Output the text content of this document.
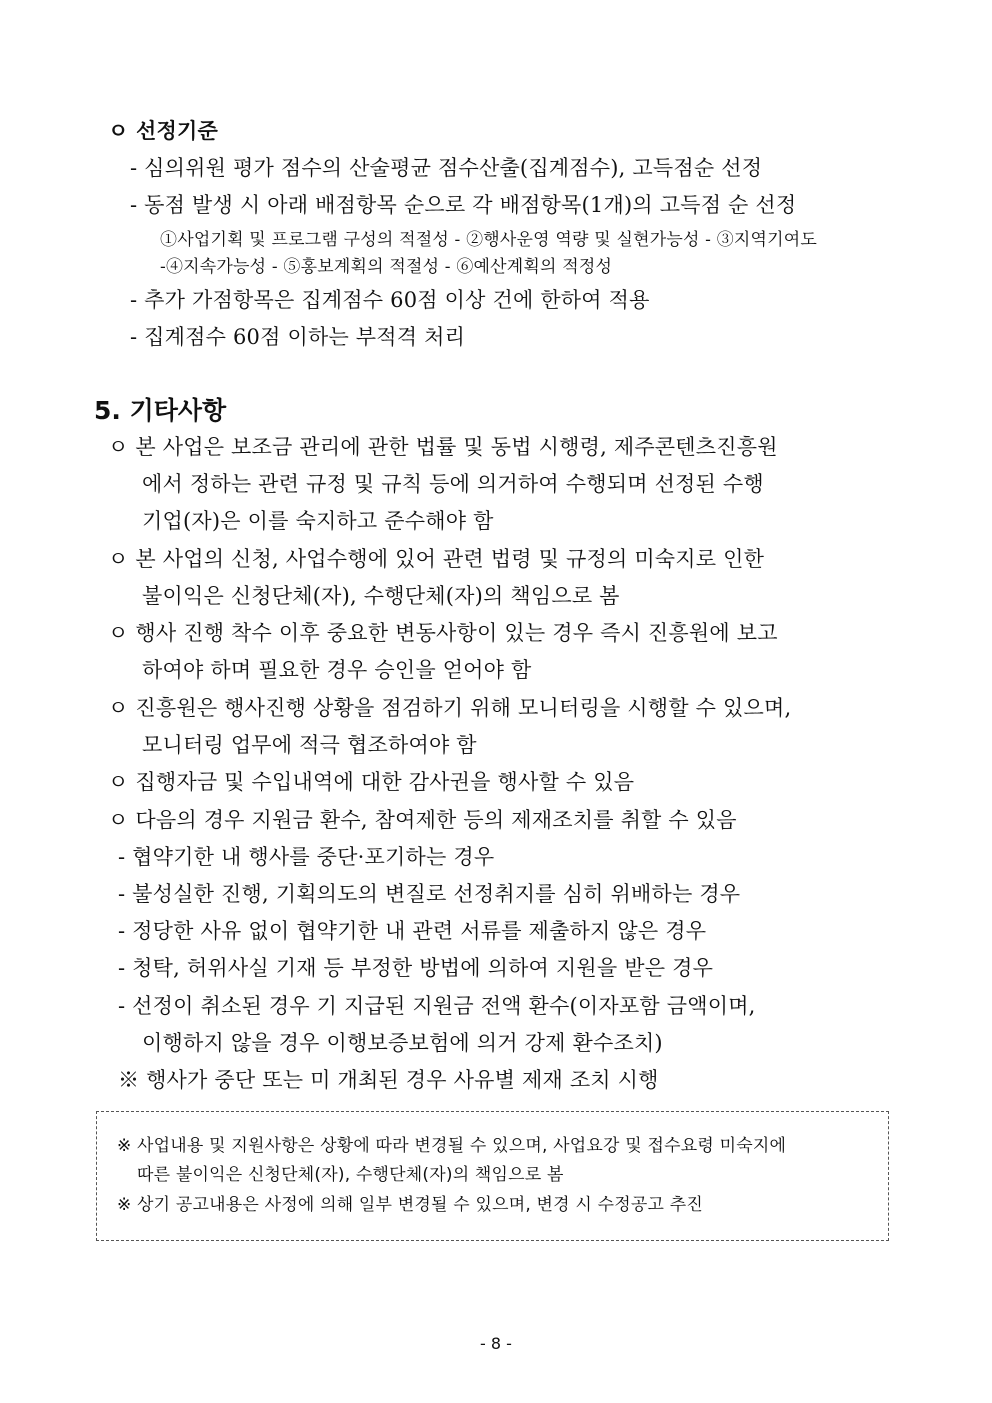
ㅇ 선정기준
- 심의위원 평가 점수의 산술평균 점수산출(집계점수), 고득점순 선정
- 동점 발생 시 아래 배점항목 순으로 각 배점항목(1개)의 고득점 순 선정
①사업기획 및 프로그램 구성의 적절성 - ②행사운영 역량 및 실현가능성 - ③지역기여도
-④지속가능성 - ⑤홍보계획의 적절성 - ⑥예산계획의 적정성
- 추가 가점항목은 집계점수 60점 이상 건에 한하여 적용
- 집계점수 60점 이하는 부적격 처리
5. 기타사항
ㅇ 본 사업은 보조금 관리에 관한 법률 및 동법 시행령, 제주콘텐츠진흥원
에서 정하는 관련 규정 및 규칙 등에 의거하여 수행되며 선정된 수행
기업(자)은 이를 숙지하고 준수해야 함
ㅇ 본 사업의 신청, 사업수행에 있어 관련 법령 및 규정의 미숙지로 인한
불이익은 신청단체(자), 수행단체(자)의 책임으로 봄
ㅇ 행사 진행 착수 이후 중요한 변동사항이 있는 경우 즉시 진흥원에 보고
하여야 하며 필요한 경우 승인을 얻어야 함
ㅇ 진흥원은 행사진행 상황을 점검하기 위해 모니터링을 시행할 수 있으며,
모니터링 업무에 적극 협조하여야 함
ㅇ 집행자금 및 수입내역에 대한 감사권을 행사할 수 있음
ㅇ 다음의 경우 지원금 환수, 참여제한 등의 제재조치를 취할 수 있음
- 협약기한 내 행사를 중단·포기하는 경우
- 불성실한 진행, 기획의도의 변질로 선정취지를 심히 위배하는 경우
- 정당한 사유 없이 협약기한 내 관련 서류를 제출하지 않은 경우
- 청탁, 허위사실 기재 등 부정한 방법에 의하여 지원을 받은 경우
- 선정이 취소된 경우 기 지급된 지원금 전액 환수(이자포함 금액이며,
이행하지 않을 경우 이행보증보험에 의거 강제 환수조치)
※ 행사가 중단 또는 미 개최된 경우 사유별 제재 조치 시행
※ 사업내용 및 지원사항은 상황에 따라 변경될 수 있으며, 사업요강 및 접수요령 미숙지에
따른 불이익은 신청단체(자), 수행단체(자)의 책임으로 봄
※ 상기 공고내용은 사정에 의해 일부 변경될 수 있으며, 변경 시 수정공고 추진
- 8 -
